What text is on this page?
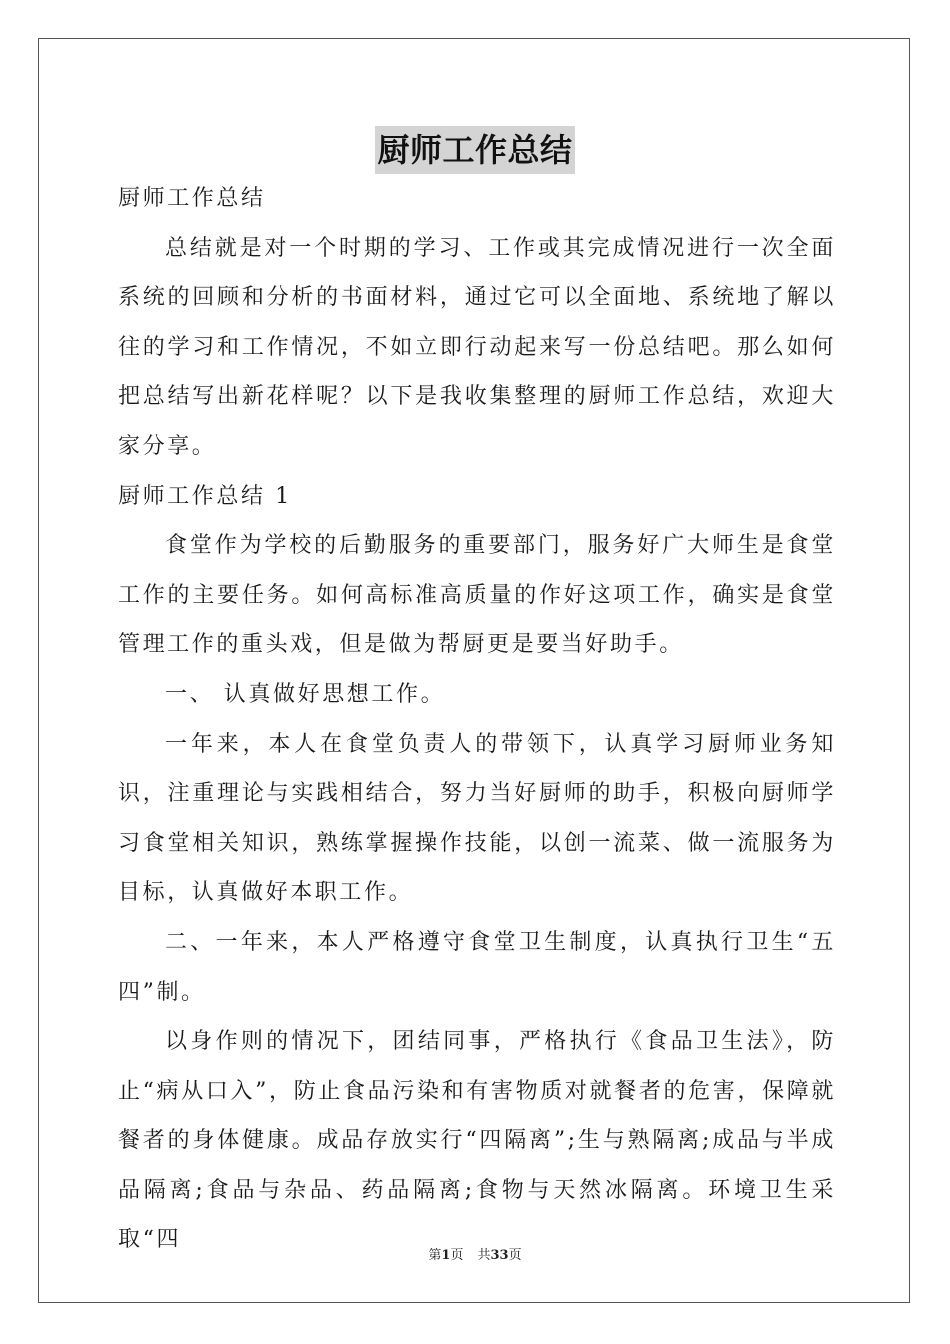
厨师工作总结

厨师工作总结

总结就是对一个时期的学习、工作或其完成情况进行一次全面系统的回顾和分析的书面材料，通过它可以全面地、系统地了解以往的学习和工作情况，不如立即行动起来写一份总结吧。那么如何把总结写出新花样呢？以下是我收集整理的厨师工作总结，欢迎大家分享。

厨师工作总结 1

食堂作为学校的后勤服务的重要部门，服务好广大师生是食堂工作的主要任务。如何高标准高质量的作好这项工作，确实是食堂管理工作的重头戏，但是做为帮厨更是要当好助手。

一、 认真做好思想工作。

一年来，本人在食堂负责人的带领下，认真学习厨师业务知识，注重理论与实践相结合，努力当好厨师的助手，积极向厨师学习食堂相关知识，熟练掌握操作技能，以创一流菜、做一流服务为目标，认真做好本职工作。

二、一年来，本人严格遵守食堂卫生制度，认真执行卫生“五四”制。

以身作则的情况下，团结同事，严格执行《食品卫生法》，防止“病从口入”，防止食品污染和有害物质对就餐者的危害，保障就餐者的身体健康。成品存放实行“四隔离”;生与熟隔离;成品与半成品隔离;食品与杂品、药品隔离;食物与天然冰隔离。环境卫生采取“四

第1页 共33页
